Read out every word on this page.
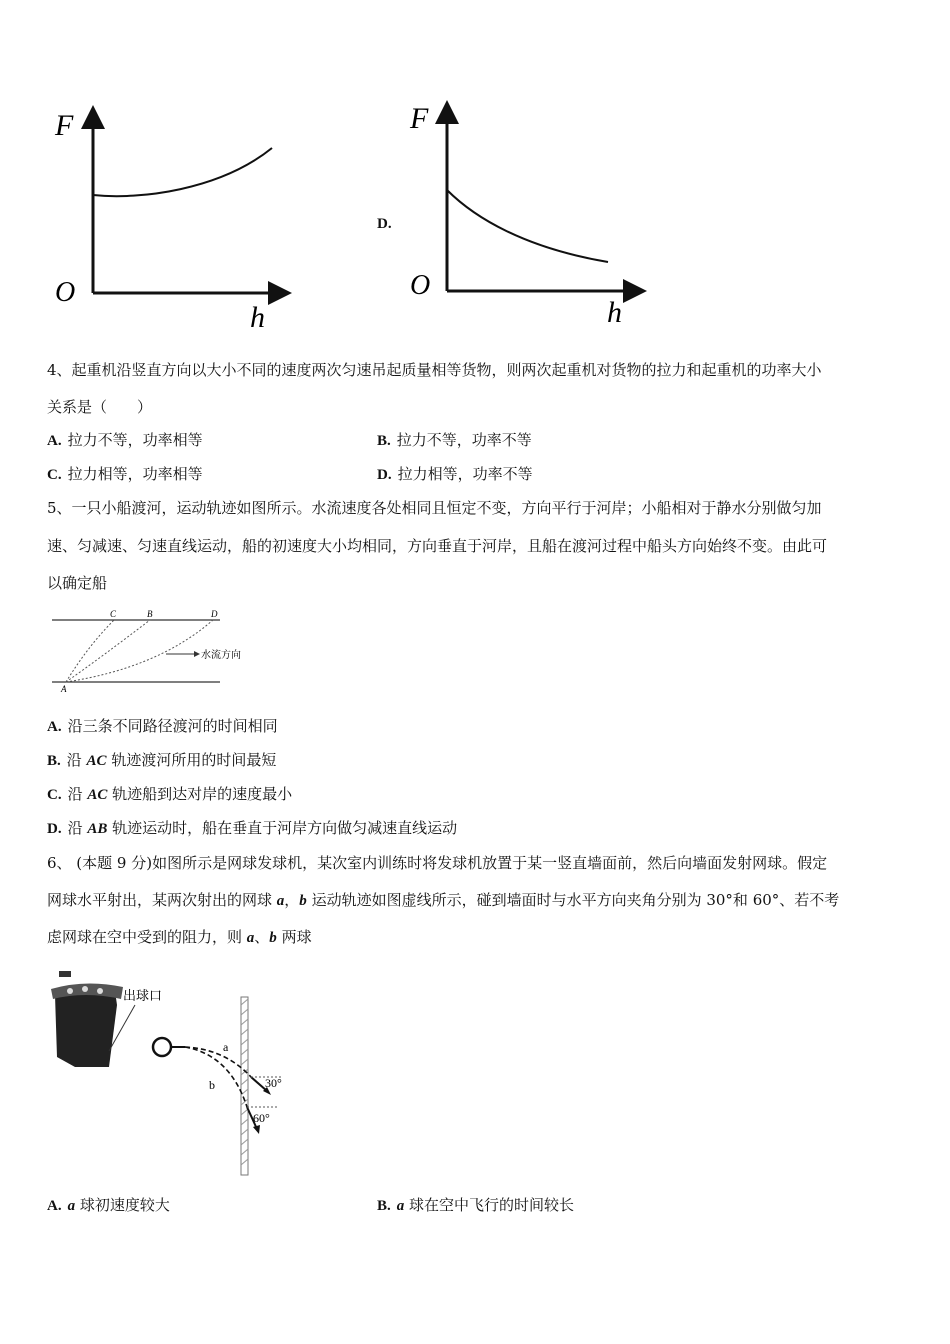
F
O
h
D.
F
O
h
4、起重机沿竖直方向以大小不同的速度两次匀速吊起质量相等货物，则两次起重机对货物的拉力和起重机的功率大小
关系是（　　）
A. 拉力不等，功率相等	B. 拉力不等，功率不等
C. 拉力相等，功率相等	D. 拉力相等，功率不等
5、一只小船渡河，运动轨迹如图所示。水流速度各处相同且恒定不变，方向平行于河岸；小船相对于静水分别做匀加
速、匀减速、匀速直线运动，船的初速度大小均相同，方向垂直于河岸，且船在渡河过程中船头方向始终不变。由此可
以确定船
C	B	D
A
水流方向
A. 沿三条不同路径渡河的时间相同
B. 沿 AC 轨迹渡河所用的时间最短
C. 沿 AC 轨迹船到达对岸的速度最小
D. 沿 AB 轨迹运动时，船在垂直于河岸方向做匀减速直线运动
6、 (本题 9 分)如图所示是网球发球机，某次室内训练时将发球机放置于某一竖直墙面前，然后向墙面发射网球。假定
网球水平射出，某两次射出的网球 a，b 运动轨迹如图虚线所示，碰到墙面时与水平方向夹角分别为 30°和 60°、若不考
虑网球在空中受到的阻力，则 a、b 两球
出球口
a
b	30°
60°
A. a 球初速度较大	B. a 球在空中飞行的时间较长
